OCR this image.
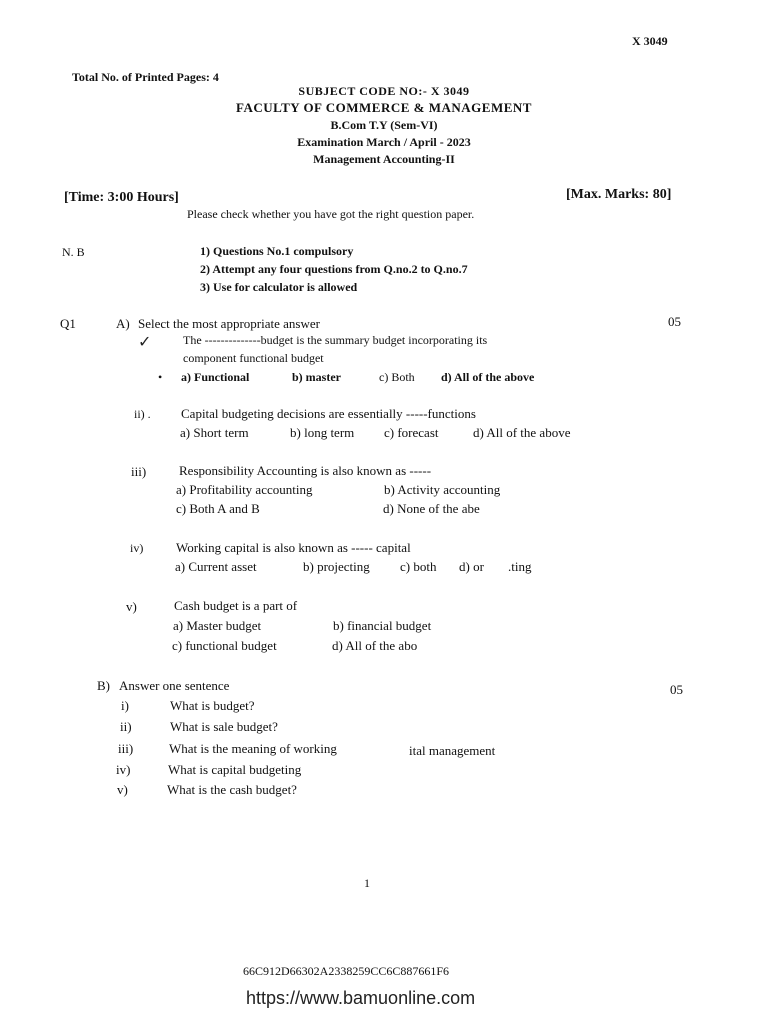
X 3049
Total No. of Printed Pages: 4
SUBJECT CODE NO:- X 3049
FACULTY OF COMMERCE & MANAGEMENT
B.Com T.Y (Sem-VI)
Examination March / April - 2023
Management Accounting-II
[Time: 3:00 Hours]	[Max. Marks: 80]
Please check whether you have got the right question paper.
N. B	1) Questions No.1 compulsory
2) Attempt any four questions from Q.no.2 to Q.no.7
3) Use for calculator is allowed
Q1	A) Select the most appropriate answer	05
✓	The --------------budget is the summary budget incorporating its
component functional budget
• a) Functional	b) master	c) Both d) All of the above
ii) . Capital budgeting decisions are essentially -----functions
a) Short term	b) long term c) forecast	d) All of the above
iii)	Responsibility Accounting is also known as -----
a) Profitability accounting	b) Activity accounting
c) Both A and B	d) None of the abe
iv)	Working capital is also known as ----- capital
a) Current asset	b) projecting c) both d) or .ting
v)	Cash budget is a part of
a) Master budget	b) financial budget
c) functional budget	d) All of the abo
B) Answer one sentence	05
i)	What is budget?
ii)	What is sale budget?
iii)	What is the meaning of working	ital management
iv)	What is capital budgeting
v)	What is the cash budget?
1
66C912D66302A2338259CC6C887661F6
https://www.bamuonline.com
